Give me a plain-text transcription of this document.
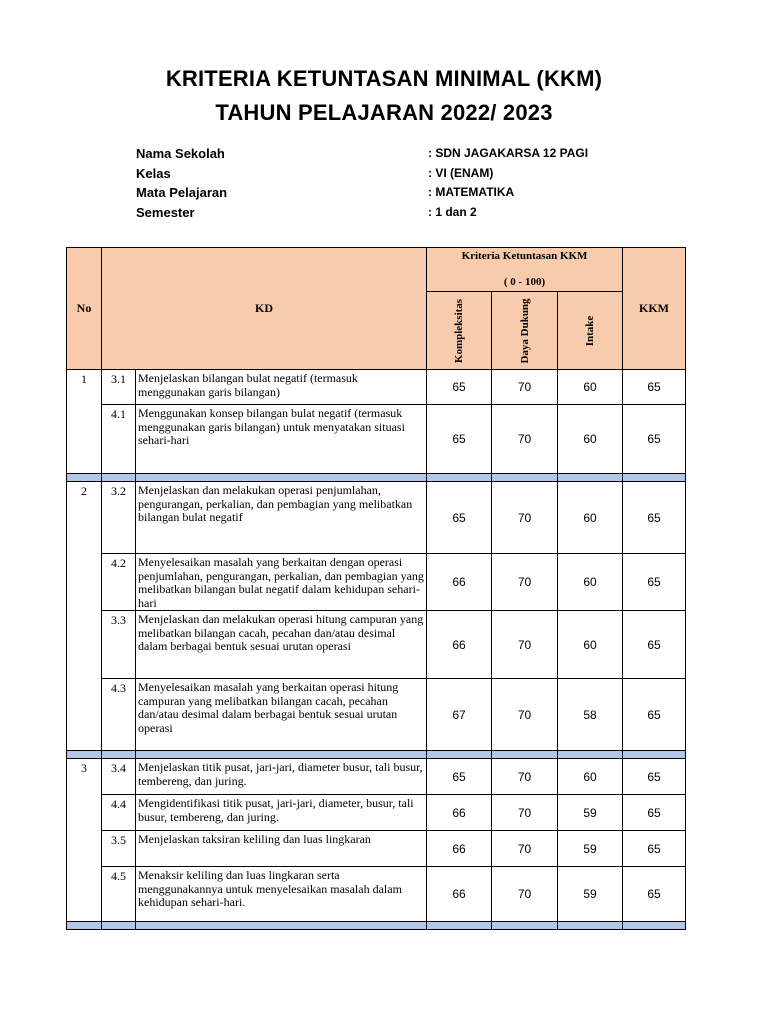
KRITERIA KETUNTASAN MINIMAL (KKM)
TAHUN PELAJARAN 2022/ 2023
Nama Sekolah	: SDN JAGAKARSA 12 PAGI
Kelas	: VI (ENAM)
Mata Pelajaran	: MATEMATIKA
Semester	: 1 dan 2
No	KD		Kriteria Ketuntasan KKM
( 0 - 100)			KKM

			Kompleksitas	Daya Dukung	Intake	

1	3.1	Menjelaskan bilangan bulat negatif (termasuk menggunakan garis bilangan)	65	70	60	65
	4.1	Menggunakan konsep bilangan bulat negatif (termasuk menggunakan garis bilangan) untuk menyatakan situasi sehari-hari	65	70	60	65

2	3.2	Menjelaskan dan melakukan operasi penjumlahan, pengurangan, perkalian, dan pembagian yang melibatkan bilangan bulat negatif	65	70	60	65
	4.2	Menyelesaikan masalah yang berkaitan dengan operasi penjumlahan, pengurangan, perkalian, dan pembagian yang melibatkan bilangan bulat negatif dalam kehidupan sehari-hari	66	70	60	65
	3.3	Menjelaskan dan melakukan operasi hitung campuran yang melibatkan bilangan cacah, pecahan dan/atau desimal dalam berbagai bentuk sesuai urutan operasi	66	70	60	65
	4.3	Menyelesaikan masalah yang berkaitan operasi hitung campuran yang melibatkan bilangan cacah, pecahan dan/atau desimal dalam berbagai bentuk sesuai urutan operasi	67	70	58	65

3	3.4	Menjelaskan titik pusat, jari-jari, diameter busur, tali busur, tembereng, dan juring.	65	70	60	65
	4.4	Mengidentifikasi titik pusat, jari-jari, diameter, busur, tali busur, tembereng, dan juring.	66	70	59	65
	3.5	Menjelaskan taksiran keliling dan luas lingkaran	66	70	59	65
	4.5	Menaksir keliling dan luas lingkaran serta menggunakannya untuk menyelesaikan masalah dalam kehidupan sehari-hari.	66	70	59	65
